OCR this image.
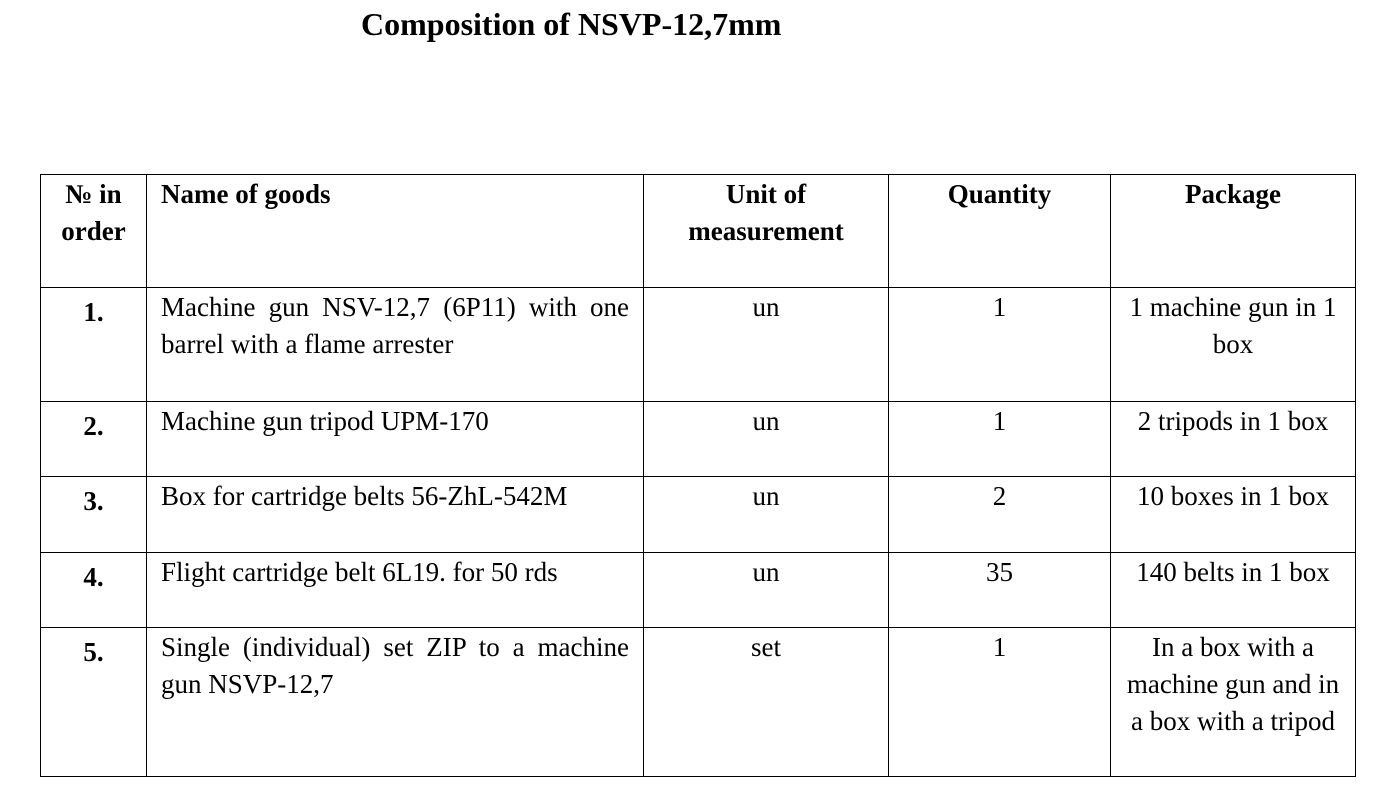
Composition of NSVP-12,7mm
№ in order	Name of goods	Unit of measurement	Quantity	Package
1.	Machine gun NSV-12,7 (6P11) with one barrel with a flame arrester	un	1	1 machine gun in 1 box
2.	Machine gun tripod UPM-170	un	1	2 tripods in 1 box
3.	Box for cartridge belts 56-ZhL-542M	un	2	10 boxes in 1 box
4.	Flight cartridge belt 6L19. for 50 rds	un	35	140 belts in 1 box
5.	Single (individual) set ZIP to a machine gun NSVP-12,7	set	1	In a box with a machine gun and in a box with a tripod
